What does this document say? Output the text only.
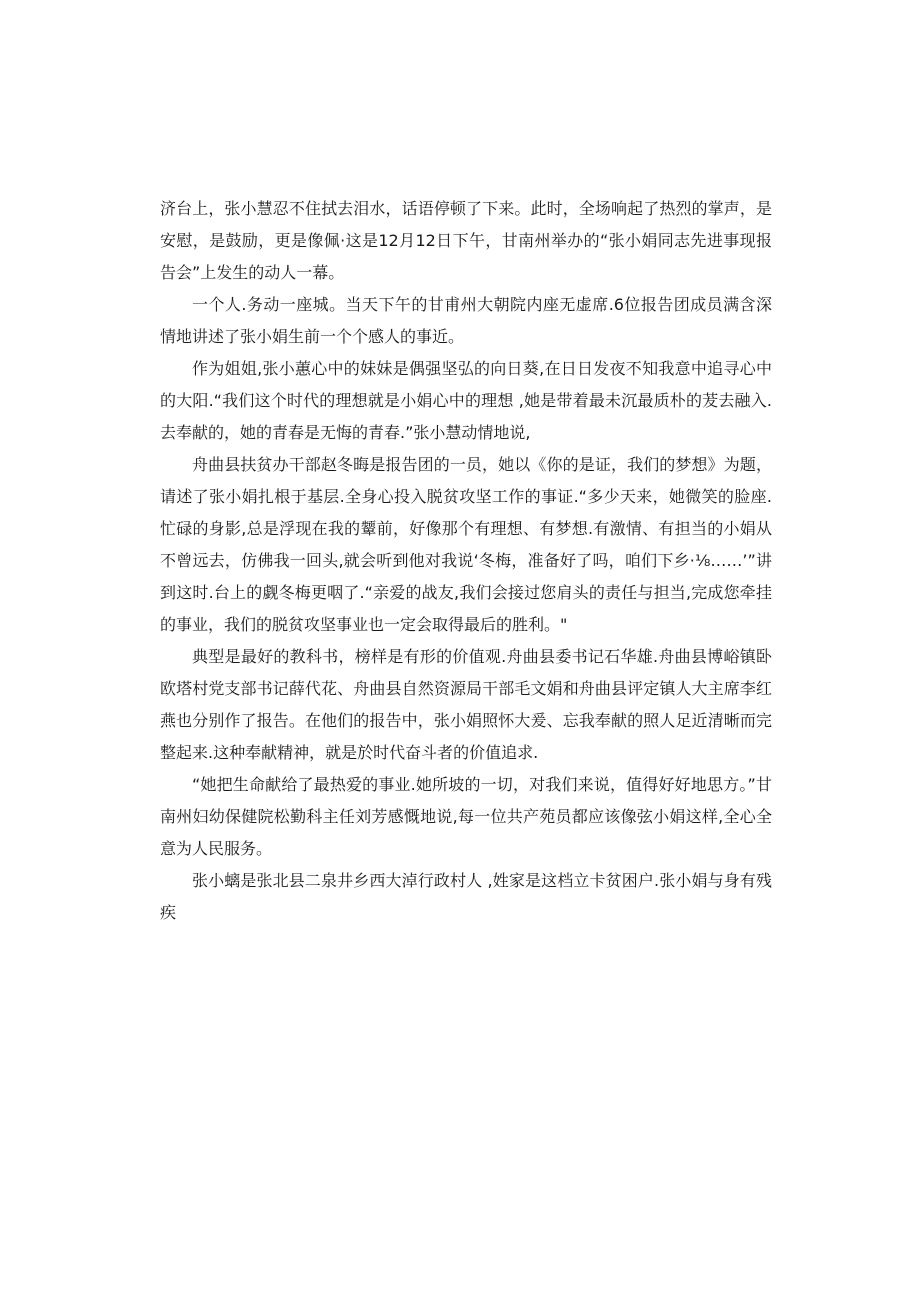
济台上，张小慧忍不住拭去泪水，话语停顿了下来。此时，全场响起了热烈的掌声，是安慰，是鼓励，更是像佩·这是12月12日下午，甘南州举办的“张小娟同志先进事现报告会”上发生的动人一幕。

一个人.务动一座城。当天下午的甘甫州大朝院内座无虚席.6位报告团成员满含深情地讲述了张小娟生前一个个感人的事近。

作为姐姐,张小蕙心中的妹妹是偶强坚弘的向日葵,在日日发夜不知我意中追寻心中的大阳.“我们这个时代的理想就是小娟心中的理想 ,她是带着最未沉最质朴的茇去融入.去奉献的，她的青春是无悔的青春.”张小慧动情地说,

舟曲县扶贫办干部赵冬晦是报告团的一员，她以《你的是证，我们的梦想》为题，请述了张小娟扎根于基层.全身心投入脱贫攻坚工作的事证.“多少天来，她微笑的脸座.忙碌的身影,总是浮现在我的颦前，好像那个有理想、有梦想.有激情、有担当的小娟从不曾远去，仿佛我一回头,就会听到他对我说‘冬梅，准备好了吗，咱们下乡·⅛……’”讲到这时.台上的觑冬梅更咽了.“亲爱的战友,我们会接过您肩头的责任与担当,完成您牵挂的事业，我们的脱贫攻坚事业也一定会取得最后的胜利。"

典型是最好的教科书，榜样是有形的价值观.舟曲县委书记石华雄.舟曲县博峪镇卧欧塔村党支部书记薛代花、舟曲县自然资源局干部毛文娟和舟曲县评定镇人大主席李红燕也分别作了报告。在他们的报告中，张小娟照怀大爰、忘我奉献的照人足近清晰而完整起来.这种奉献精神，就是於时代奋斗者的价值追求.

“她把生命献给了最热爱的事业.她所坡的一切，对我们来说，值得好好地思方。”甘南州妇幼保健院松勤科主任刘芳感慨地说,每一位共产苑员都应该像弦小娟这样,全心全意为人民服务。

张小螭是张北县二泉井乡西大淖行政村人 ,姓家是这档立卡贫困户.张小娟与身有残疾
